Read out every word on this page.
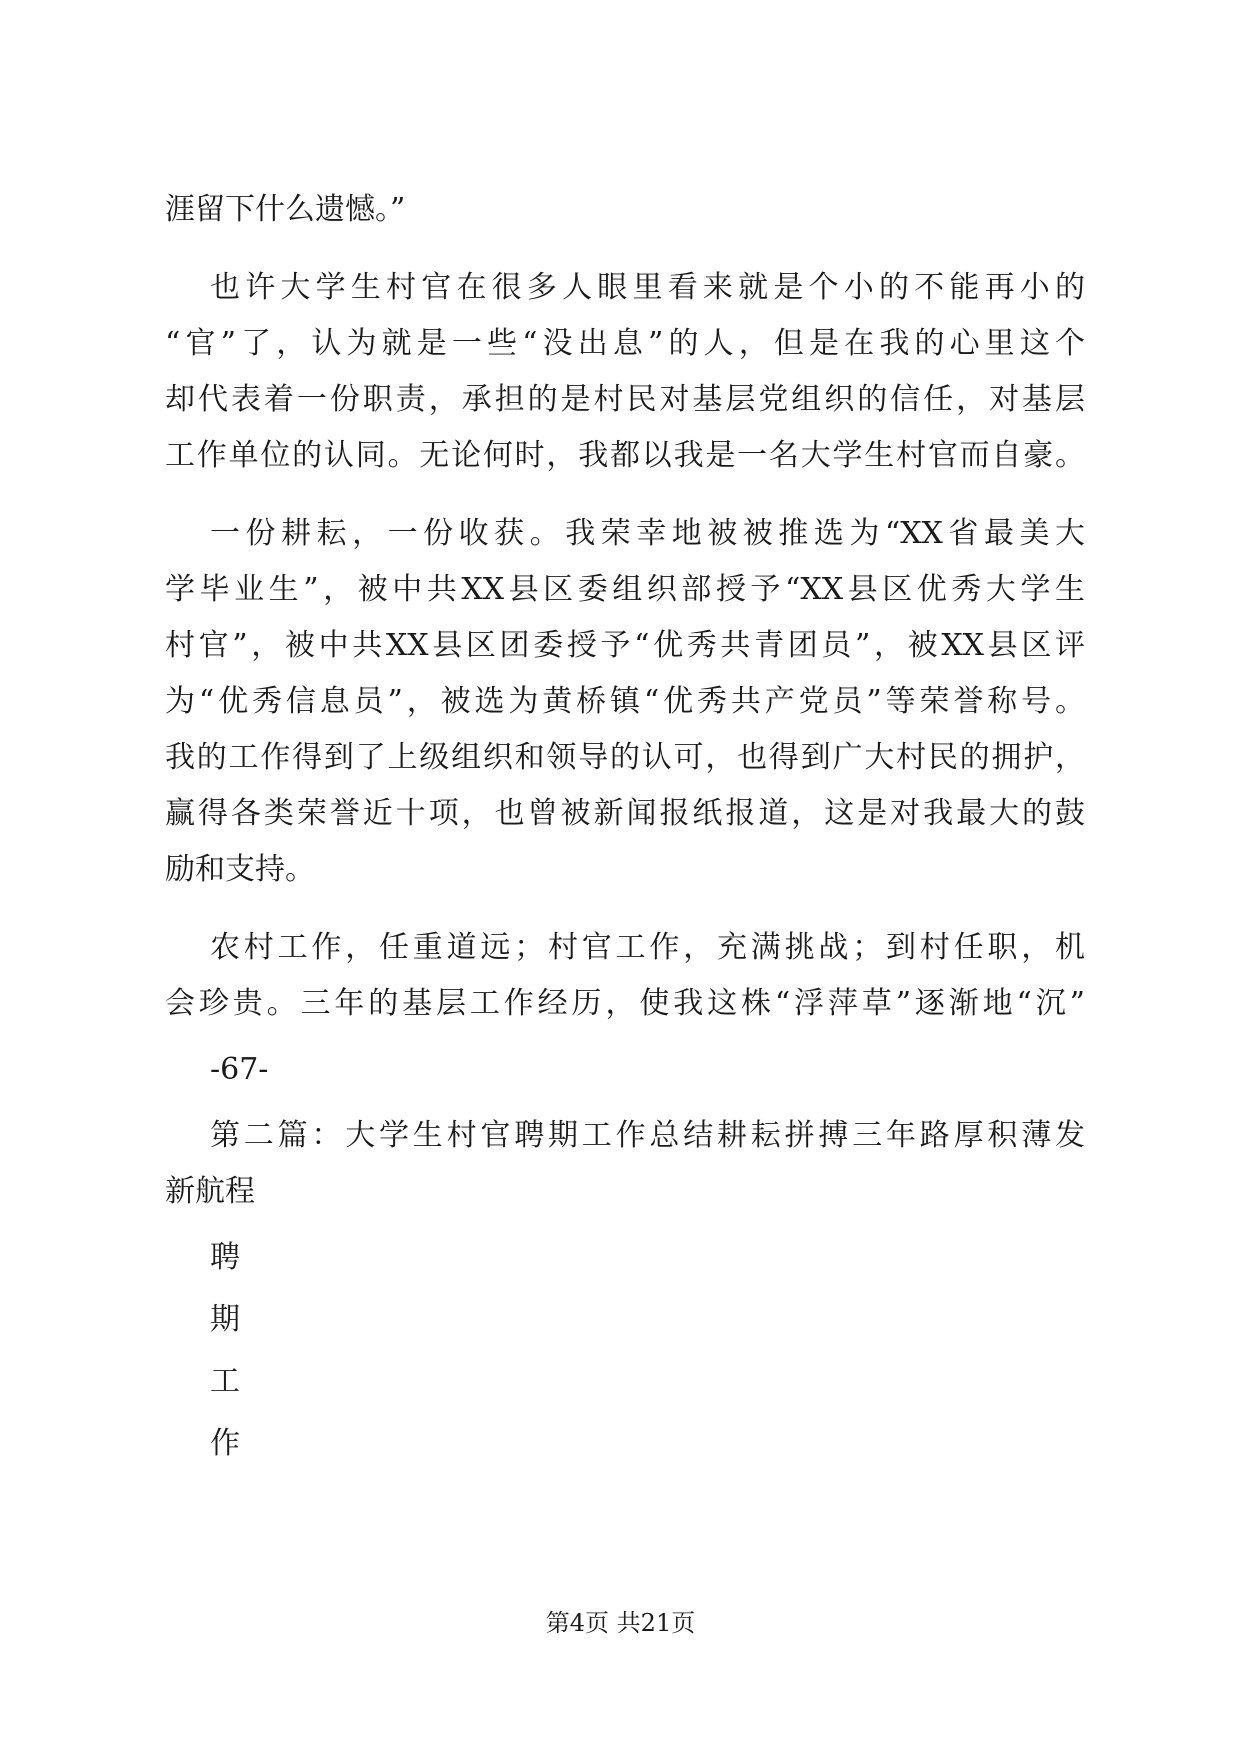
涯留下什么遗憾。”
也许大学生村官在很多人眼里看来就是个小的不能再小的
“官”了，认为就是一些“没出息”的人，但是在我的心里这个
却代表着一份职责，承担的是村民对基层党组织的信任，对基层
工作单位的认同。无论何时，我都以我是一名大学生村官而自豪。
一份耕耘，一份收获。我荣幸地被被推选为“XX省最美大
学毕业生”，被中共XX县区委组织部授予“XX县区优秀大学生
村官”，被中共XX县区团委授予“优秀共青团员”，被XX县区评
为“优秀信息员”，被选为黄桥镇“优秀共产党员”等荣誉称号。
我的工作得到了上级组织和领导的认可，也得到广大村民的拥护，
赢得各类荣誉近十项，也曾被新闻报纸报道，这是对我最大的鼓
励和支持。
农村工作，任重道远；村官工作，充满挑战；到村任职，机
会珍贵。三年的基层工作经历，使我这株“浮萍草”逐渐地“沉”
-67-
第二篇：大学生村官聘期工作总结耕耘拼搏三年路厚积薄发
新航程
聘
期
工
作
第4页 共21页
